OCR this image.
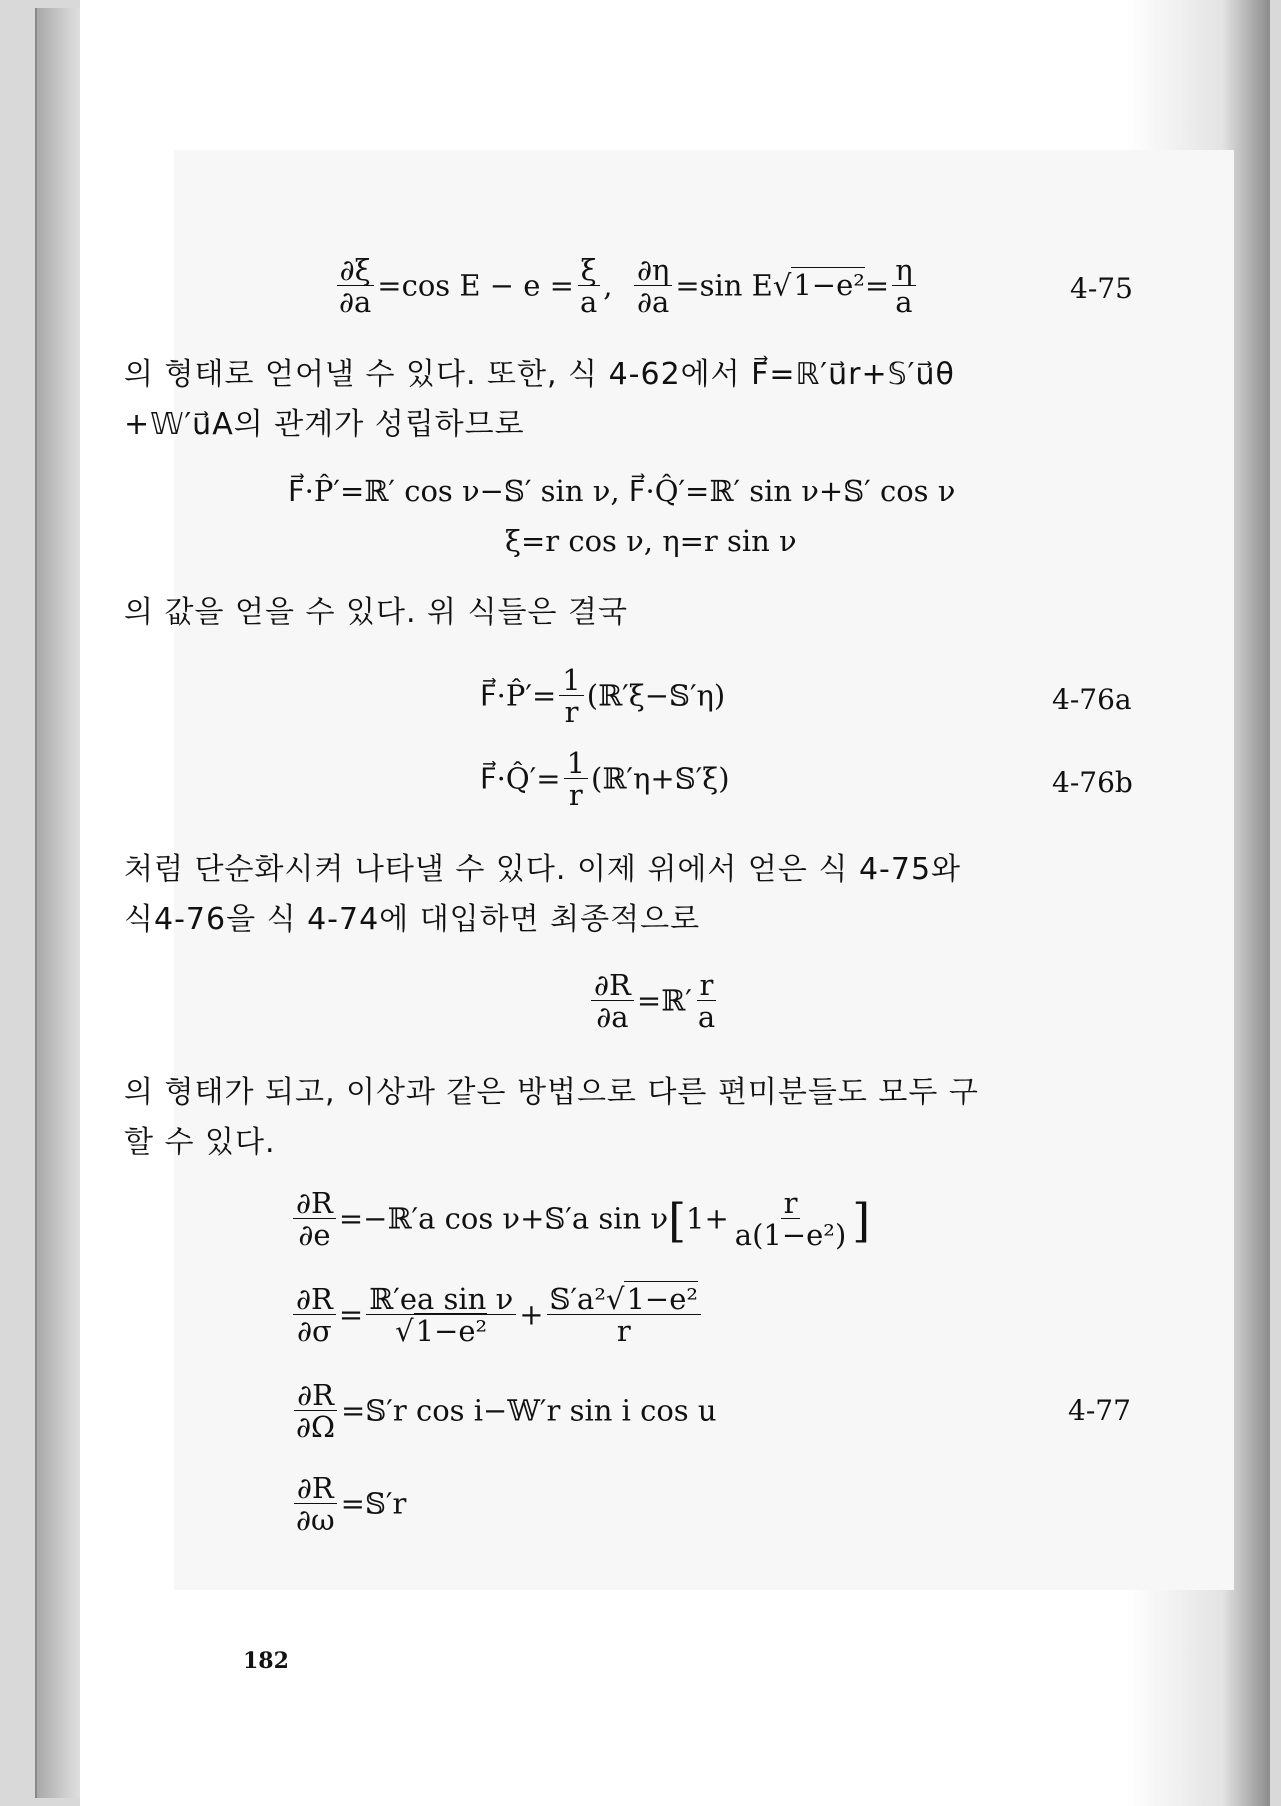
$\frac{\partial\xi}{\partial a} =\cos$ $E - e = \frac{\xi}{a}$ , $\frac{\partial\eta}{\partial a} =\sin$ $E√1-e^2= \frac{\eta}{a}$	4-75
의 형태로 얻어낼 수 있다. 또한, 식 4-62에서 F⃗=ℝ′u⃗r+𝕊′u⃗θ
+𝕎′u⃗A의 관계가 성립하므로
F⃗·P̂′=ℝ′ cos ν−𝕊′ sin ν, F⃗·Q̂′=ℝ′ sin ν+𝕊′ cos ν
ξ=r cos ν, η=r sin ν
의 값을 얻을 수 있다. 위 식들은 결국
F⃗·P̂′= $\frac{1}{r}$ (ℝ′ξ−𝕊′η)	4-76a
F⃗·Q̂′= $\frac{1}{r}$ (ℝ′η+𝕊′ξ)	4-76b
처럼 단순화시켜 나타낼 수 있다. 이제 위에서 얻은 식 4-75와
식4-76을 식 4-74에 대입하면 최종적으로
$\frac{\partial R}{\partial a}$ =ℝ′ $\frac{r}{a}$
의 형태가 되고, 이상과 같은 방법으로 다른 편미분들도 모두 구
할 수 있다.
$\frac{\partial R}{\partial e}$ =−ℝ′a cos ν+𝕊′a $\sin \nu[1+ \frac{r}{\text{a(1−e²)}}$ ]
$\frac{\partial R}{\partial\sigma} = \frac{\text{ℝ′ea sin ν}}{\text{√1−e²}} + \frac{\text{𝕊′a²√1−e²}}{r}$
$\frac{\partial R}{\partial\Omega}$ =𝕊′r cos i−𝕎′r sin i cos u	4-77
$\frac{\partial R}{\partial\omega}$ =𝕊′r
182
